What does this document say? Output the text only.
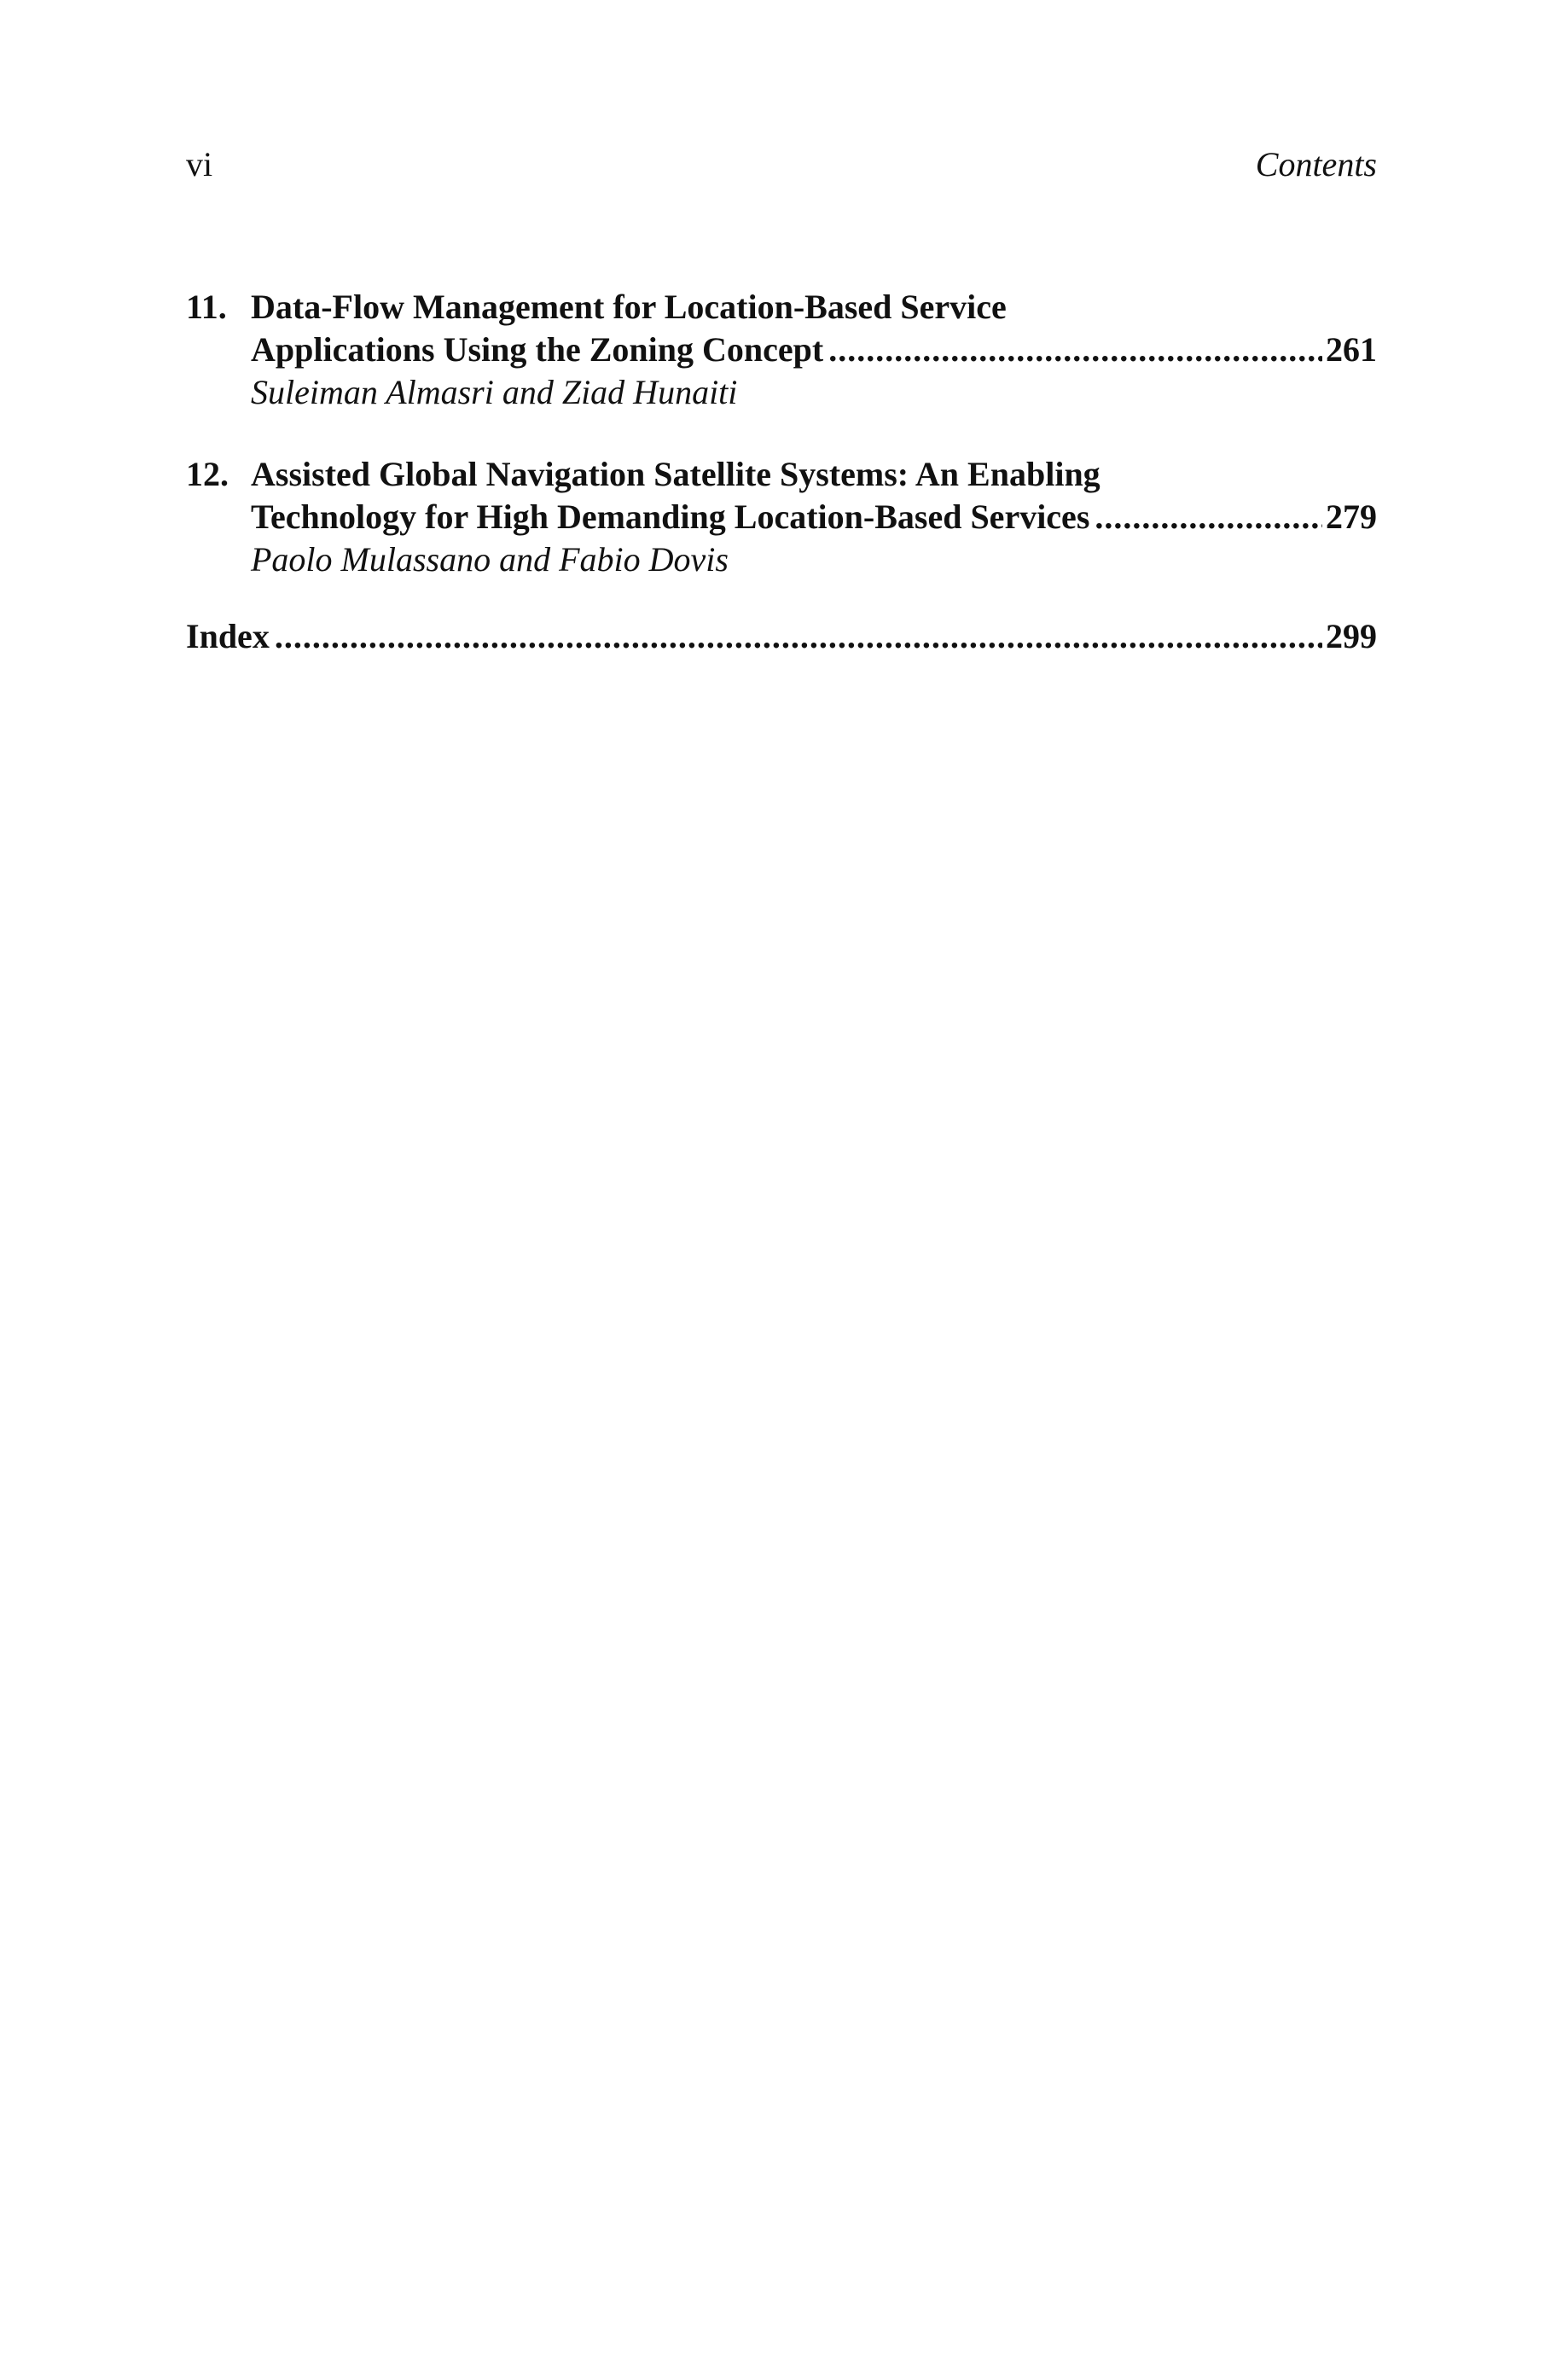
vi	Contents
11. Data-Flow Management for Location-Based Service
Applications Using the Zoning Concept .....	261
Suleiman Almasri and Ziad Hunaiti
12. Assisted Global Navigation Satellite Systems: An Enabling
Technology for High Demanding Location-Based Services .....	279
Paolo Mulassano and Fabio Dovis
Index .....	299
